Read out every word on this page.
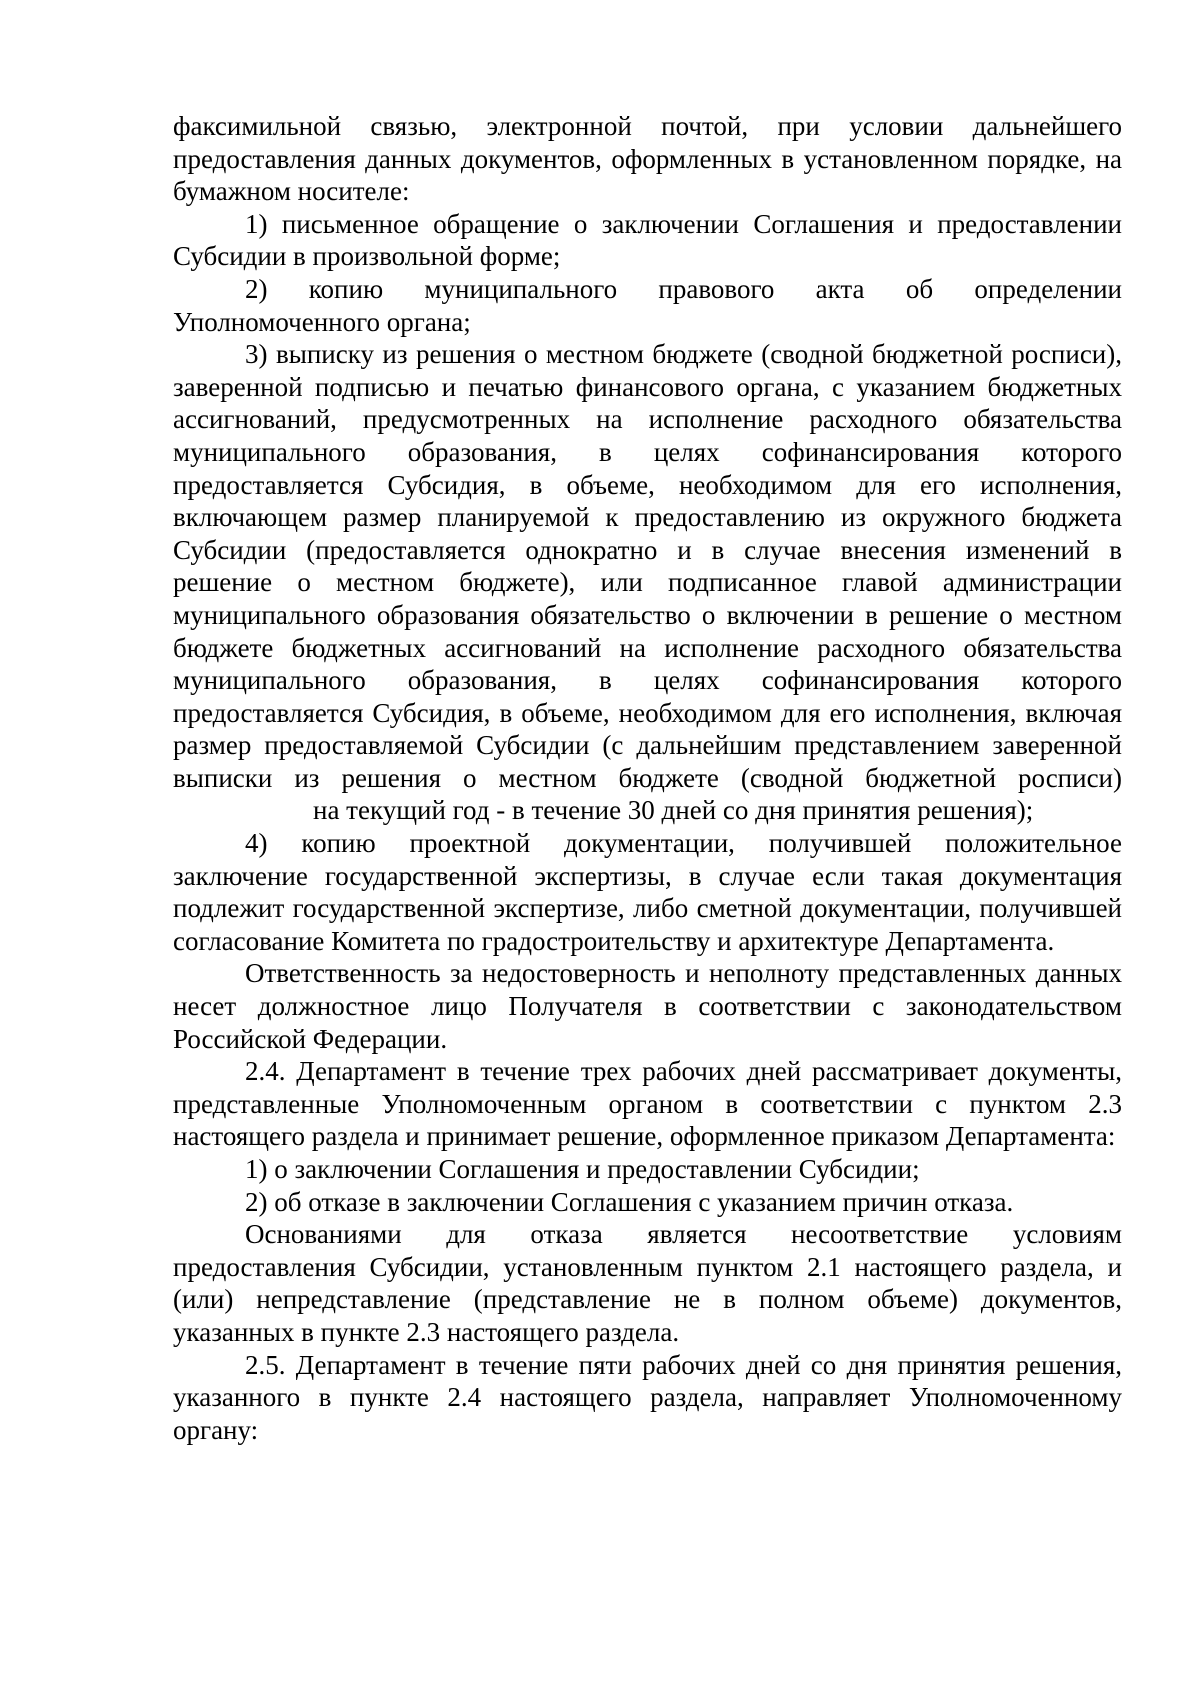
факсимильной связью, электронной почтой, при условии дальнейшего предоставления данных документов, оформленных в установленном порядке, на бумажном носителе:

1) письменное обращение о заключении Соглашения и предоставлении Субсидии в произвольной форме;

2) копию муниципального правового акта об определении Уполномоченного органа;

3) выписку из решения о местном бюджете (сводной бюджетной росписи), заверенной подписью и печатью финансового органа, с указанием бюджетных ассигнований, предусмотренных на исполнение расходного обязательства муниципального образования, в целях софинансирования которого предоставляется Субсидия, в объеме, необходимом для его исполнения, включающем размер планируемой к предоставлению из окружного бюджета Субсидии (предоставляется однократно и в случае внесения изменений в решение о местном бюджете), или подписанное главой администрации муниципального образования обязательство о включении в решение о местном бюджете бюджетных ассигнований на исполнение расходного обязательства муниципального образования, в целях софинансирования которого предоставляется Субсидия, в объеме, необходимом для его исполнения, включая размер предоставляемой Субсидии (с дальнейшим представлением заверенной выписки из решения о местном бюджете (сводной бюджетной росписи)на текущий год - в течение 30 дней со дня принятия решения);

4) копию проектной документации, получившей положительное заключение государственной экспертизы, в случае если такая документация подлежит государственной экспертизе, либо сметной документации, получившей согласование Комитета по градостроительству и архитектуре Департамента.

Ответственность за недостоверность и неполноту представленных данных несет должностное лицо Получателя в соответствии с законодательством Российской Федерации.

2.4. Департамент в течение трех рабочих дней рассматривает документы, представленные Уполномоченным органом в соответствии с пунктом 2.3 настоящего раздела и принимает решение, оформленное приказом Департамента:

1) о заключении Соглашения и предоставлении Субсидии;

2) об отказе в заключении Соглашения с указанием причин отказа.

Основаниями для отказа является несоответствие условиям предоставления Субсидии, установленным пунктом 2.1 настоящего раздела, и (или) непредставление (представление не в полном объеме) документов, указанных в пункте 2.3 настоящего раздела.

2.5. Департамент в течение пяти рабочих дней со дня принятия решения, указанного в пункте 2.4 настоящего раздела, направляет Уполномоченному органу:
